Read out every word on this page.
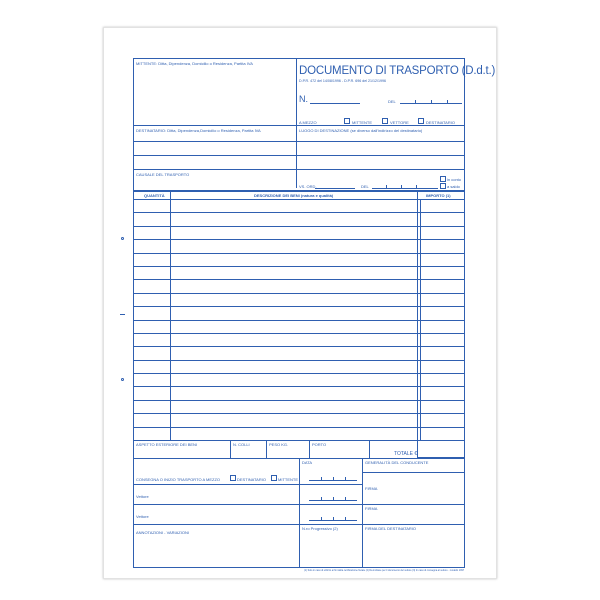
MITTENTE: Ditta, Dipendenza, Domicilio o Residenza, Partita IVA
DOCUMENTO DI TRASPORTO (D.d.t.)
D.P.R. 472 del 14/08/1996 - D.P.R. 696 del 21/12/1996
N.	DEL
A MEZZO	MITTENTE	VETTORE	DESTINATARIO
DESTINATARIO: Ditta, Dipendenza,Domicilio o Residenza, Partita IVA	LUOGO DI DESTINAZIONE (se diverso dall'indirizzo del destinatario)
CAUSALE DEL TRASPORTO
VS. ORD.	DEL
in conto
a saldo
QUANTITÀ	DESCRIZIONE DEI BENI (natura e qualità)	IMPORTO (1)
ASPETTO ESTERIORE DEI BENI	N. COLLI	PESO KG.	PORTO
TOTALE €
CONSEGNA O INIZIO TRASPORTO A MEZZO	DESTINATARIO	MITTENTE
Vettore
Vettore
ANNOTAZIONI - VARIAZIONI
DATA
N.ro Progressivo (2)
GENERALITÀ DEL CONDUCENTE
FIRMA
FIRMA
FIRMA DEL DESTINATARIO
(1) Solo in caso di utilizzo ai fini della certificazione fiscale (2) Da indicare per il documento del vettore (3) In caso di consegna al vettore · modello 1997
